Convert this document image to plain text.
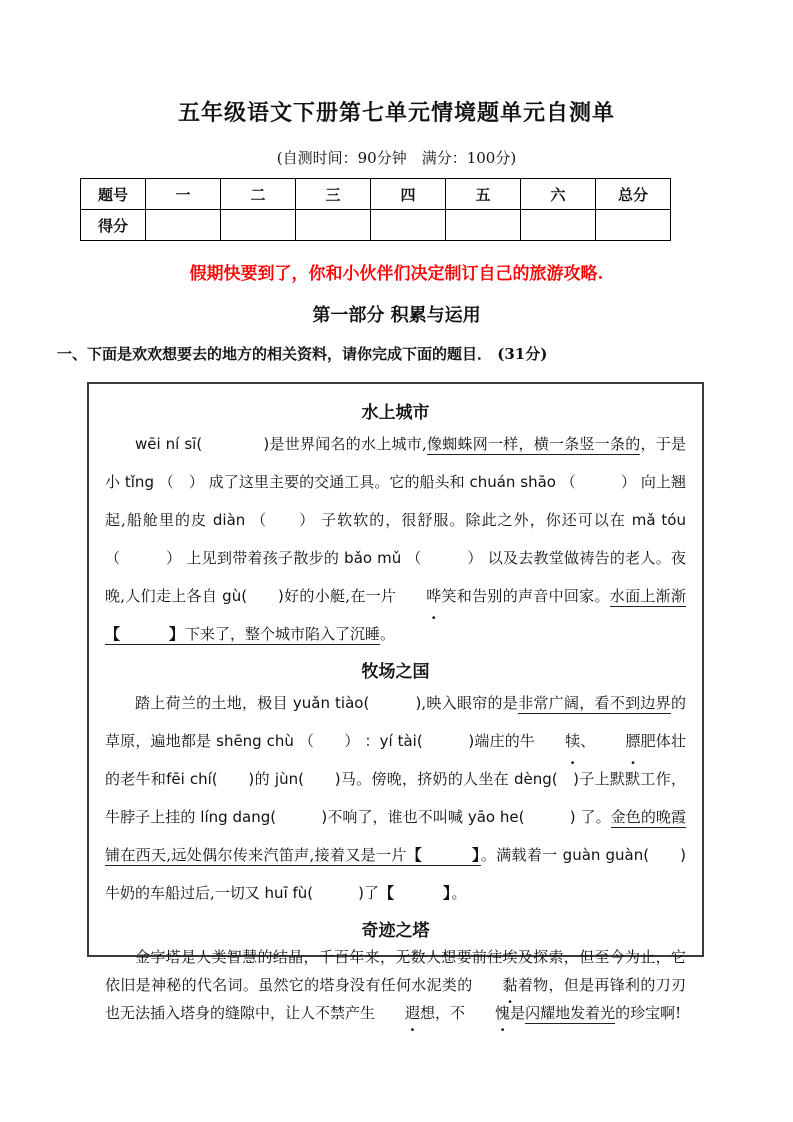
五年级语文下册第七单元情境题单元自测单
(自测时间：90分钟　满分：100分)
题号	一	二	三	四	五	六	总分
得分							
假期快要到了，你和小伙伴们决定制订自己的旅游攻略.
第一部分 积累与运用
一、下面是欢欢想要去的地方的相关资料，请你完成下面的题目． (31分)
水上城市

wēi ní sī(　　　　)是世界闻名的水上城市,像蜘蛛网一样，横一条竖一条的，于是小 tǐng （　） 成了这里主要的交通工具。它的船头和 chuán shāo （　　　） 向上翘起,船舱里的皮 diàn （　　） 子软软的，很舒服。除此之外，你还可以在 mǎ tóu （　　　） 上见到带着孩子散步的 bǎo mǔ （　　　） 以及去教堂做祷告的老人。夜晚,人们走上各自 gù(　　)好的小艇,在一片 哗笑和告别的声音中回家。水面上渐渐【　　　】下来了，整个城市陷入了沉睡。

牧场之国

踏上荷兰的土地，极目 yuǎn tiào(　　　),映入眼帘的是非常广阔，看不到边界的草原，遍地都是 shēng chù （　　） ：yí tài(　　　)端庄的牛 犊、 膘肥体壮的老牛和fēi chí(　　)的 jùn(　　)马。傍晚，挤奶的人坐在 dèng(　)子上默默工作，牛脖子上挂的 líng dang(　　　)不响了，谁也不叫喊 yāo he(　　　) 了。金色的晚霞铺在西天,远处偶尔传来汽笛声,接着又是一片【　　　】。满载着一 guàn guàn(　　)牛奶的车船过后,一切又 huī fù(　　　)了【　　　】。

奇迹之塔

金字塔是人类智慧的结晶，千百年来，无数人想要前往埃及探索，但至今为止，它依旧是神秘的代名词。虽然它的塔身没有任何水泥类的 黏着物，但是再锋利的刀刃也无法插入塔身的缝隙中，让人不禁产生 遐想，不 愧是闪耀地发着光的珍宝啊!
